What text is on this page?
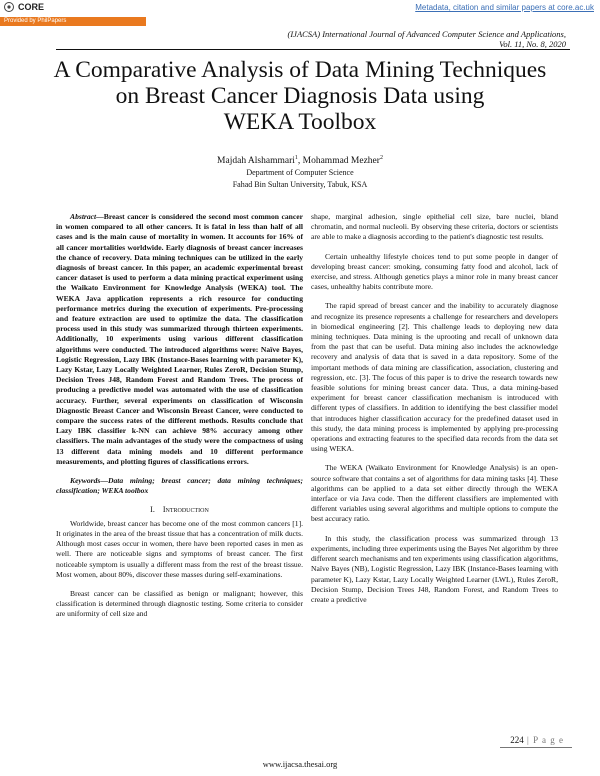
CORE	Metadata, citation and similar papers at core.ac.uk
Provided by PhilPapers
(IJACSA) International Journal of Advanced Computer Science and Applications,
Vol. 11, No. 8, 2020
A Comparative Analysis of Data Mining Techniques
on Breast Cancer Diagnosis Data using
WEKA Toolbox
Majdah Alshammari$^1$, Mohammad Mezher$^2$
Department of Computer Science
Fahad Bin Sultan University, Tabuk, KSA

Abstract—Breast cancer is considered the second most common cancer in women compared to all other cancers. It is fatal in less than half of all cases and is the main cause of mortality in women. It accounts for 16% of all cancer mortalities worldwide. Early diagnosis of breast cancer increases the chance of recovery. Data mining techniques can be utilized in the early diagnosis of breast cancer. In this paper, an academic experimental breast cancer dataset is used to perform a data mining practical experiment using the Waikato Environment for Knowledge Analysis (WEKA) tool. The WEKA Java application represents a rich resource for conducting performance metrics during the execution of experiments. Pre-processing and feature extraction are used to optimize the data. The classification process used in this study was summarized through thirteen experiments. Additionally, 10 experiments using various different classification algorithms were conducted. The introduced algorithms were: Naïve Bayes, Logistic Regression, Lazy IBK (Instance-Bases learning with parameter K), Lazy Kstar, Lazy Locally Weighted Learner, Rules ZeroR, Decision Stump, Decision Trees J48, Random Forest and Random Trees. The process of producing a predictive model was automated with the use of classification accuracy. Further, several experiments on classification of Wisconsin Diagnostic Breast Cancer and Wisconsin Breast Cancer, were conducted to compare the success rates of the different methods. Results conclude that Lazy IBK classifier k-NN can achieve 98% accuracy among other classifiers. The main advantages of the study were the compactness of using 13 different data mining models and 10 different performance measurements, and plotting figures of classifications errors.

Keywords—Data mining; breast cancer; data mining techniques; classification; WEKA toolbox

I. Introduction

Worldwide, breast cancer has become one of the most common cancers [1]. It originates in the area of the breast tissue that has a concentration of milk ducts. Although most cases occur in women, there have been reported cases in men as well. There are noticeable signs and symptoms of breast cancer. The first noticeable symptom is usually a different mass from the rest of the breast tissue. Most women, about 80%, discover these masses during self-examinations.

Breast cancer can be classified as benign or malignant; however, this classification is determined through diagnostic testing. Some criteria to consider are uniformity of cell size and

shape, marginal adhesion, single epithelial cell size, bare nuclei, bland chromatin, and normal nucleoli. By observing these criteria, doctors or scientists are able to make a diagnosis according to the patient's diagnostic test results.

Certain unhealthy lifestyle choices tend to put some people in danger of developing breast cancer: smoking, consuming fatty food and alcohol, lack of exercise, and stress. Although genetics plays a minor role in many breast cancer cases, unhealthy habits contribute more.

The rapid spread of breast cancer and the inability to accurately diagnose and recognize its presence represents a challenge for researchers and developers in biomedical engineering [2]. This challenge leads to deploying new data mining techniques. Data mining is the uprooting and recall of unknown data from the past that can be useful. Data mining also includes the acknowledge recovery and analysis of data that is saved in a data repository. Some of the important methods of data mining are classification, association, clustering and regression, etc. [3]. The focus of this paper is to drive the research towards new feasible solutions for mining breast cancer data. Thus, a data mining-based experiment for breast cancer classification mechanism is introduced with different types of classifiers. In addition to identifying the best classifier model that introduces higher classification accuracy for the predefined dataset used in this study, the data mining process is implemented by applying pre-processing operations and extracting features to the specified data records from the data set using WEKA.

The WEKA (Waikato Environment for Knowledge Analysis) is an open-source software that contains a set of algorithms for data mining tasks [4]. These algorithms can be applied to a data set either directly through the WEKA interface or via Java code. Then the different classifiers are implemented with different variables using several algorithms and multiple options to compute the best accuracy ratio.

In this study, the classification process was summarized through 13 experiments, including three experiments using the Bayes Net algorithm by three different search mechanisms and ten experiments using classification algorithms, Naïve Bayes (NB), Logistic Regression, Lazy IBK (Instance-Bases learning with parameter K), Lazy Kstar, Lazy Locally Weighted Learner (LWL), Rules ZeroR, Decision Stump, Decision Trees J48, Random Forest, and Random Trees to create a predictive

224 | P a g e
www.ijacsa.thesai.org
